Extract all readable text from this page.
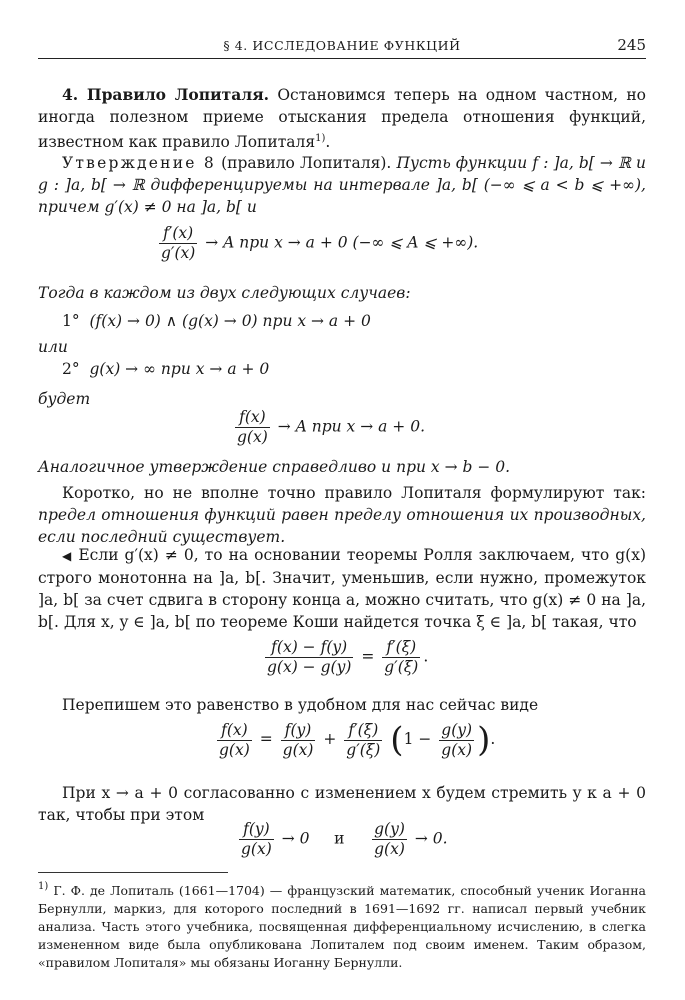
§ 4. ИССЛЕДОВАНИЕ ФУНКЦИЙ	245

4. Правило Лопиталя. Остановимся теперь на одном частном, но иногда полезном приеме отыскания предела отношения функций, известном как правило Лопиталя$^{1)}$.

Утверждение 8 (правило Лопиталя). Пусть функции f : ]a, b[ → ℝ и g : ]a, b[ → ℝ дифференцируемы на интервале ]a, b[ (−∞ ⩽ a < b ⩽ +∞), причем g′(x) ≠ 0 на ]a, b[ и

$\frac{f'(x)}{g'(x)} \to A$ при x → a + 0 (−∞ ⩽ A ⩽ +∞).

Тогда в каждом из двух следующих случаев:

1° (f(x) → 0) ∧ (g(x) → 0) при x → a + 0

или

2° g(x) → ∞ при x → a + 0

будет

$\frac{f(x)}{g(x)} \to A$ при x → a + 0.

Аналогичное утверждение справедливо и при x → b − 0.

Коротко, но не вполне точно правило Лопиталя формулируют так: предел отношения функций равен пределу отношения их производных, если последний существует.

◀ Если g′(x) ≠ 0, то на основании теоремы Ролля заключаем, что g(x) строго монотонна на ]a, b[. Значит, уменьшив, если нужно, промежуток ]a, b[ за счет сдвига в сторону конца a, можно считать, что g(x) ≠ 0 на ]a, b[. Для x, y ∈ ]a, b[ по теореме Коши найдется точка ξ ∈ ]a, b[ такая, что

$\frac{f(x) - f(y)}{g(x) - g(y)} = \frac{f'(\xi)}{g'(\xi)}$ .

Перепишем это равенство в удобном для нас сейчас виде

$\frac{f(x)}{g(x)} = \frac{f(y)}{g(x)} + \frac{f'(\xi)}{g'(\xi)} (1 - \frac{g(y)}{g(x)}$ ).

При x → a + 0 согласованно с изменением x будем стремить y к a + 0 так, чтобы при этом

$\frac{f(y)}{g(x)} \to 0$ и $\frac{g(y)}{g(x)} \to 0$.

$^{1)}$ Г. Ф. де Лопиталь (1661—1704) — французский математик, способный ученик Иоганна Бернулли, маркиз, для которого последний в 1691—1692 гг. написал первый учебник анализа. Часть этого учебника, посвященная дифференциальному исчислению, в слегка измененном виде была опубликована Лопиталем под своим именем. Таким образом, «правилом Лопиталя» мы обязаны Иоганну Бернулли.
